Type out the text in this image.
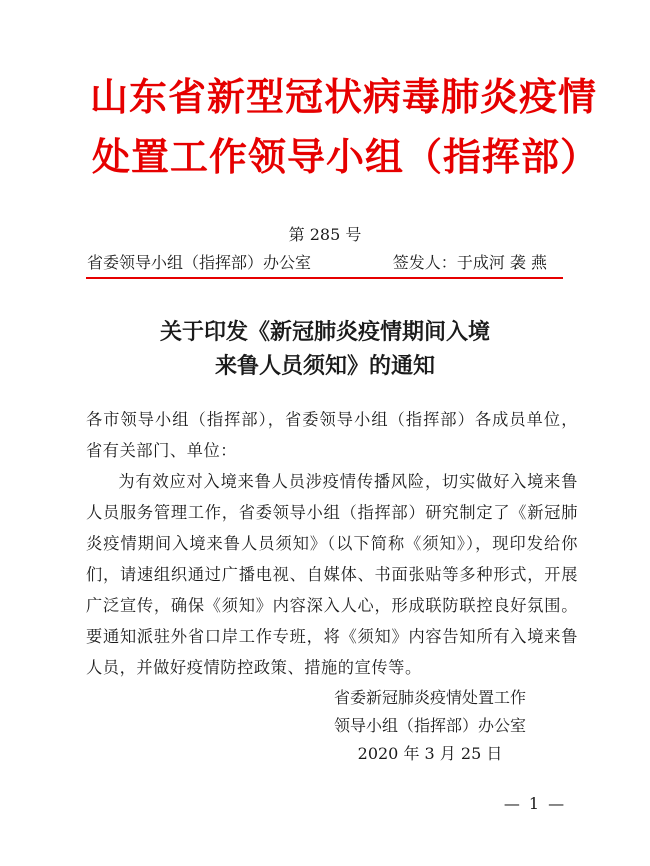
山东省新型冠状病毒肺炎疫情
处置工作领导小组（指挥部）
第 285 号
省委领导小组（指挥部）办公室	签发人：于成河 袭 燕
关于印发《新冠肺炎疫情期间入境
来鲁人员须知》的通知
各市领导小组（指挥部），省委领导小组（指挥部）各成员单位，省有关部门、单位：
为有效应对入境来鲁人员涉疫情传播风险，切实做好入境来鲁人员服务管理工作，省委领导小组（指挥部）研究制定了《新冠肺炎疫情期间入境来鲁人员须知》（以下简称《须知》），现印发给你们，请速组织通过广播电视、自媒体、书面张贴等多种形式，开展广泛宣传，确保《须知》内容深入人心，形成联防联控良好氛围。要通知派驻外省口岸工作专班，将《须知》内容告知所有入境来鲁人员，并做好疫情防控政策、措施的宣传等。
省委新冠肺炎疫情处置工作
领导小组（指挥部）办公室
2020 年 3 月 25 日
— 1 —
